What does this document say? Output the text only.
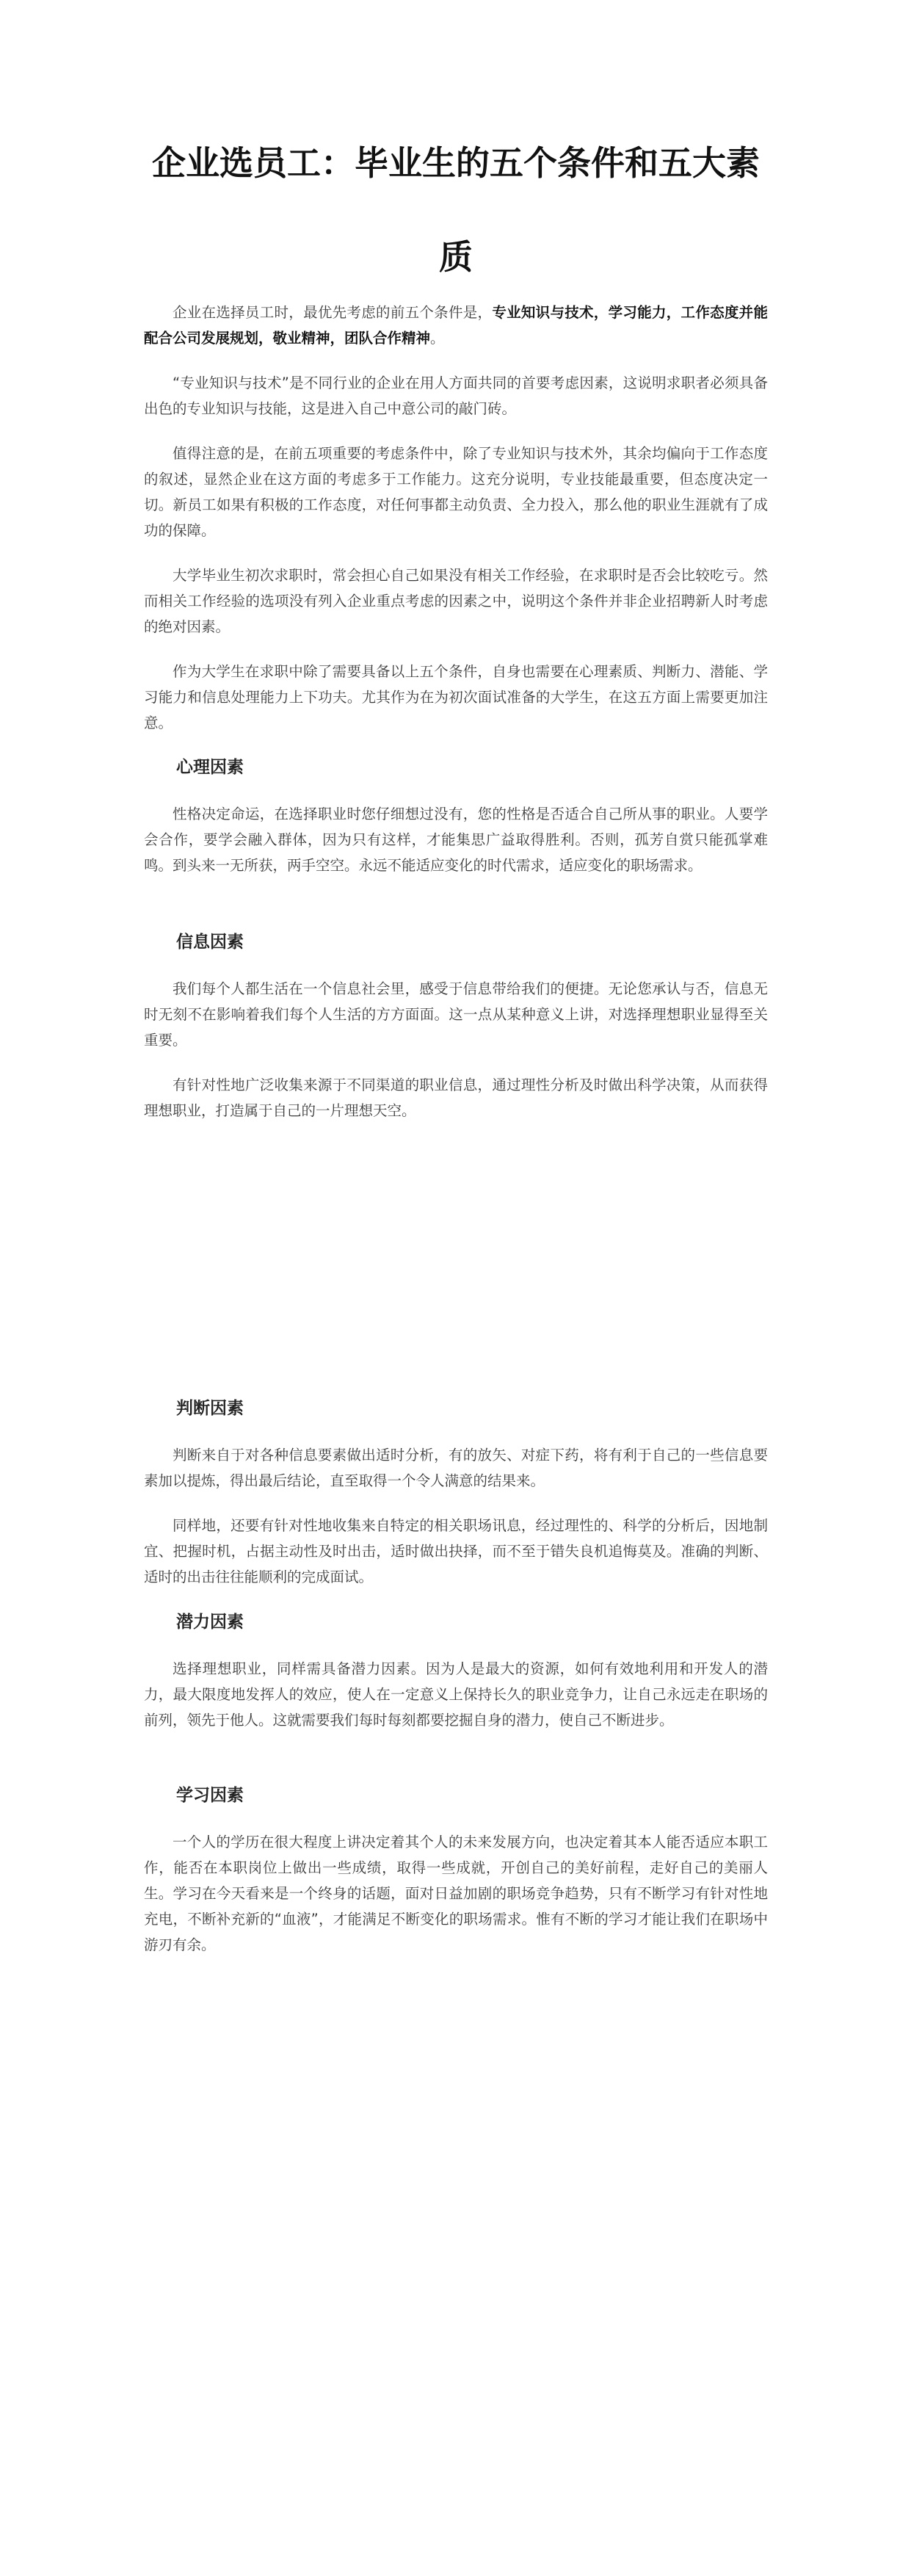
企业选员工：毕业生的五个条件和五大素质

企业在选择员工时，最优先考虑的前五个条件是，专业知识与技术，学习能力，工作态度并能配合公司发展规划，敬业精神，团队合作精神。

“专业知识与技术”是不同行业的企业在用人方面共同的首要考虑因素，这说明求职者必须具备出色的专业知识与技能，这是进入自己中意公司的敲门砖。

值得注意的是，在前五项重要的考虑条件中，除了专业知识与技术外，其余均偏向于工作态度的叙述，显然企业在这方面的考虑多于工作能力。这充分说明，专业技能最重要，但态度决定一切。新员工如果有积极的工作态度，对任何事都主动负责、全力投入，那么他的职业生涯就有了成功的保障。

大学毕业生初次求职时，常会担心自己如果没有相关工作经验，在求职时是否会比较吃亏。然而相关工作经验的选项没有列入企业重点考虑的因素之中，说明这个条件并非企业招聘新人时考虑的绝对因素。

作为大学生在求职中除了需要具备以上五个条件，自身也需要在心理素质、判断力、潜能、学习能力和信息处理能力上下功夫。尤其作为在为初次面试准备的大学生，在这五方面上需要更加注意。

心理因素

性格决定命运，在选择职业时您仔细想过没有，您的性格是否适合自己所从事的职业。人要学会合作，要学会融入群体，因为只有这样，才能集思广益取得胜利。否则，孤芳自赏只能孤掌难鸣。到头来一无所获，两手空空。永远不能适应变化的时代需求，适应变化的职场需求。

信息因素

我们每个人都生活在一个信息社会里，感受于信息带给我们的便捷。无论您承认与否，信息无时无刻不在影响着我们每个人生活的方方面面。这一点从某种意义上讲，对选择理想职业显得至关重要。

有针对性地广泛收集来源于不同渠道的职业信息，通过理性分析及时做出科学决策，从而获得理想职业，打造属于自己的一片理想天空。

判断因素

判断来自于对各种信息要素做出适时分析，有的放矢、对症下药，将有利于自己的一些信息要素加以提炼，得出最后结论，直至取得一个令人满意的结果来。

同样地，还要有针对性地收集来自特定的相关职场讯息，经过理性的、科学的分析后，因地制宜、把握时机，占据主动性及时出击，适时做出抉择，而不至于错失良机追悔莫及。准确的判断、适时的出击往往能顺利的完成面试。

潜力因素

选择理想职业，同样需具备潜力因素。因为人是最大的资源，如何有效地利用和开发人的潜力，最大限度地发挥人的效应，使人在一定意义上保持长久的职业竞争力，让自己永远走在职场的前列，领先于他人。这就需要我们每时每刻都要挖掘自身的潜力，使自己不断进步。

学习因素

一个人的学历在很大程度上讲决定着其个人的未来发展方向，也决定着其本人能否适应本职工作，能否在本职岗位上做出一些成绩，取得一些成就，开创自己的美好前程，走好自己的美丽人生。学习在今天看来是一个终身的话题，面对日益加剧的职场竞争趋势，只有不断学习有针对性地充电，不断补充新的“血液”，才能满足不断变化的职场需求。惟有不断的学习才能让我们在职场中游刃有余。
